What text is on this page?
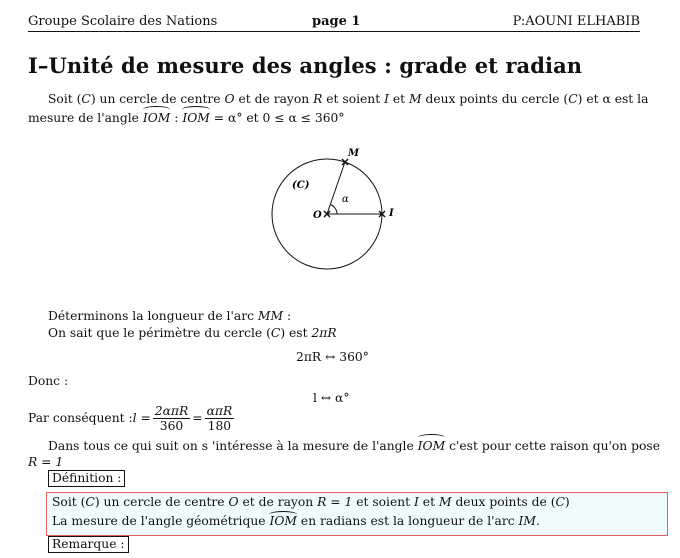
Groupe Scolaire des Nations	page 1	P:AOUNI ELHABIB
I–Unité de mesure des angles : grade et radian
Soit (C) un cercle de centre O et de rayon R et soient I et M deux points du cercle (C) et α est la
mesure de l'angle IOM : IOM = α° et 0 ≤ α ≤ 360°
(C)
O	I
M
α
Déterminons la longueur de l'arc MM :
On sait que le périmètre du cercle (C) est 2πR
2πR ↔ 360°
Donc :
l ↔ α°
Par conséquent : $l = \frac{\text{2απR}}{360} = \frac{\text{απR}}{180}$
Dans tous ce qui suit on s 'intéresse à la mesure de l'angle IOM c'est pour cette raison qu'on pose
R = 1
Définition :
Soit (C) un cercle de centre O et de rayon R = 1 et soient I et M deux points de (C)
La mesure de l'angle géométrique IOM en radians est la longueur de l'arc IM.
Remarque :
